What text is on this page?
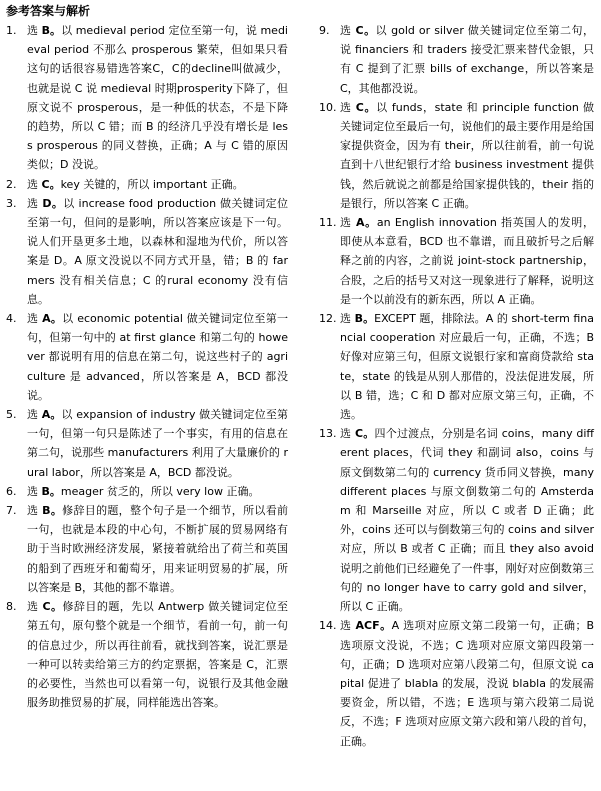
参考答案与解析

1. 选 B。以 medieval period 定位至第一句，说 medieval period 不那么 prosperous 繁荣，但如果只看这句的话很容易错选答案C，C的decline叫做减少，也就是说 C 说 medieval 时期prosperity下降了，但原文说不 prosperous，是一种低的状态，不是下降的趋势，所以 C 错；而 B 的经济几乎没有增长是 less prosperous 的同义替换，正确；A 与 C 错的原因类似；D 没说。

2. 选 C。key 关键的，所以 important 正确。

3. 选 D。以 increase food production 做关键词定位至第一句，但问的是影响，所以答案应该是下一句。说人们开垦更多土地，以森林和湿地为代价，所以答案是 D。A 原文没说以不同方式开垦，错；B 的 farmers 没有相关信息；C 的rural economy 没有信息。

4. 选 A。以 economic potential 做关键词定位至第一句，但第一句中的 at first glance 和第二句的 however 都说明有用的信息在第二句，说这些村子的 agriculture 是 advanced，所以答案是 A，BCD 都没说。

5. 选 A。以 expansion of industry 做关键词定位至第一句，但第一句只是陈述了一个事实，有用的信息在第二句，说那些 manufacturers 利用了大量廉价的 rural labor，所以答案是 A，BCD 都没说。

6. 选 B。meager 贫乏的，所以 very low 正确。

7. 选 B。修辞目的题，整个句子是一个细节，所以看前一句，也就是本段的中心句，不断扩展的贸易网络有助于当时欧洲经济发展，紧接着就给出了荷兰和英国的船到了西班牙和葡萄牙，用来证明贸易的扩展，所以答案是 B，其他的都不靠谱。

8. 选 C。修辞目的题，先以 Antwerp 做关键词定位至第五句，原句整个就是一个细节，看前一句，前一句的信息过少，所以再往前看，就找到答案，说汇票是一种可以转卖给第三方的约定票据，答案是 C，汇票的必要性，当然也可以看第一句，说银行及其他金融服务助推贸易的扩展，同样能选出答案。

9. 选 C。以 gold or silver 做关键词定位至第二句，说 financiers 和 traders 接受汇票来替代金银，只有 C 提到了汇票 bills of exchange，所以答案是 C，其他都没说。

10. 选 C。以 funds，state 和 principle function 做关键词定位至最后一句，说他们的最主要作用是给国家提供资金，因为有 their，所以往前看，前一句说直到十八世纪银行才给 business investment 提供钱，然后就说之前都是给国家提供钱的，their 指的是银行，所以答案 C 正确。

11. 选 A。an English innovation 指英国人的发明，即使从本意看，BCD 也不靠谱，而且破折号之后解释之前的内容，之前说 joint-stock partnership，合股，之后的括号又对这一现象进行了解释，说明这是一个以前没有的新东西，所以 A 正确。

12. 选 B。EXCEPT 题，排除法。A 的 short-term financial cooperation 对应最后一句，正确，不选；B 好像对应第三句，但原文说银行家和富商贷款给 state，state 的钱是从别人那借的，没法促进发展，所以 B 错，选；C 和 D 都对应原文第三句，正确，不选。

13. 选 C。四个过渡点，分别是名词 coins，many different places，代词 they 和副词 also，coins 与原文倒数第二句的 currency 货币同义替换，many different places 与原文倒数第二句的 Amsterdam 和 Marseille 对应，所以 C 或者 D 正确；此外，coins 还可以与倒数第三句的 coins and silver 对应，所以 B 或者 C 正确；而且 they also avoid 说明之前他们已经避免了一件事，刚好对应倒数第三句的 no longer have to carry gold and silver，所以 C 正确。

14. 选 ACF。A 选项对应原文第二段第一句，正确；B 选项原文没说，不选；C 选项对应原文第四段第一句，正确；D 选项对应第八段第二句，但原文说 capital 促进了 blabla 的发展，没说 blabla 的发展需要资金，所以错，不选；E 选项与第六段第二局说反，不选；F 选项对应原文第六段和第八段的首句，正确。
